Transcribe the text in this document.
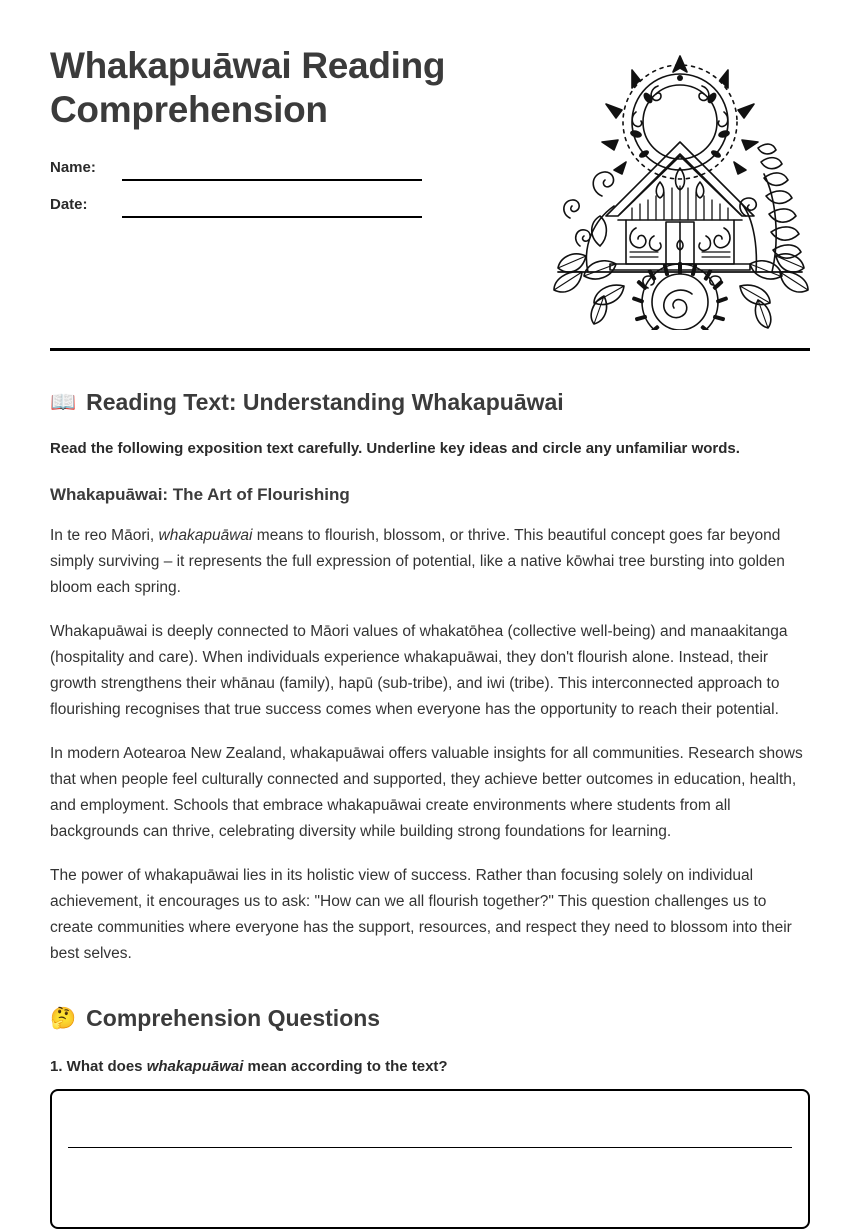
Whakapuāwai Reading Comprehension
Name:
Date:
📖 Reading Text: Understanding Whakapuāwai

Read the following exposition text carefully. Underline key ideas and circle any unfamiliar words.

Whakapuāwai: The Art of Flourishing

In te reo Māori, whakapuāwai means to flourish, blossom, or thrive. This beautiful concept goes far beyond simply surviving – it represents the full expression of potential, like a native kōwhai tree bursting into golden bloom each spring.

Whakapuāwai is deeply connected to Māori values of whakatōhea (collective well-being) and manaakitanga (hospitality and care). When individuals experience whakapuāwai, they don't flourish alone. Instead, their growth strengthens their whānau (family), hapū (sub-tribe), and iwi (tribe). This interconnected approach to flourishing recognises that true success comes when everyone has the opportunity to reach their potential.

In modern Aotearoa New Zealand, whakapuāwai offers valuable insights for all communities. Research shows that when people feel culturally connected and supported, they achieve better outcomes in education, health, and employment. Schools that embrace whakapuāwai create environments where students from all backgrounds can thrive, celebrating diversity while building strong foundations for learning.

The power of whakapuāwai lies in its holistic view of success. Rather than focusing solely on individual achievement, it encourages us to ask: "How can we all flourish together?" This question challenges us to create communities where everyone has the support, resources, and respect they need to blossom into their best selves.

🤔 Comprehension Questions

1. What does whakapuāwai mean according to the text?
